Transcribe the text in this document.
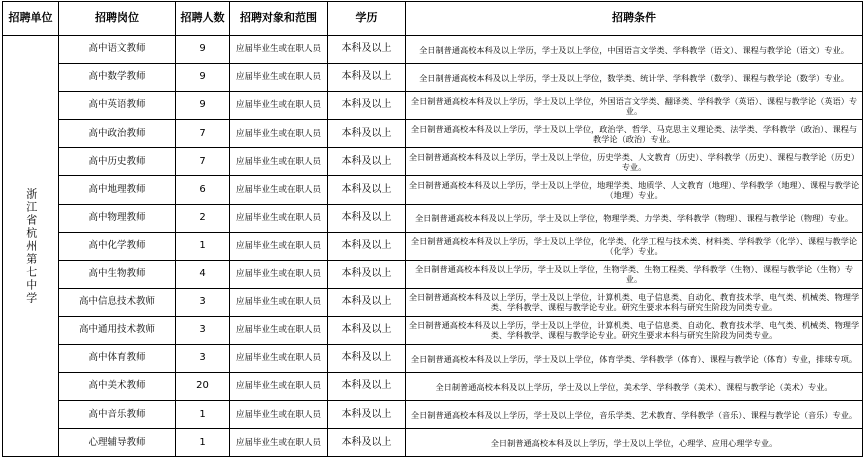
招聘单位	招聘岗位	招聘人数	招聘对象和范围	学历	招聘条件
浙江省杭州第七中学	高中语文教师	9	应届毕业生或在职人员	本科及以上	全日制普通高校本科及以上学历，学士及以上学位，中国语言文学类、学科教学（语文）、课程与教学论（语文）专业。
	高中数学教师	9	应届毕业生或在职人员	本科及以上	全日制普通高校本科及以上学历，学士及以上学位，数学类、统计学、学科教学（数学）、课程与教学论（数学）专业。
	高中英语教师	9	应届毕业生或在职人员	本科及以上	全日制普通高校本科及以上学历，学士及以上学位，外国语言文学类、翻译类、学科教学（英语）、课程与教学论（英语）专业。
	高中政治教师	7	应届毕业生或在职人员	本科及以上	全日制普通高校本科及以上学历，学士及以上学位，政治学、哲学、马克思主义理论类、法学类、学科教学（政治）、课程与教学论（政治）专业。
	高中历史教师	7	应届毕业生或在职人员	本科及以上	全日制普通高校本科及以上学历，学士及以上学位，历史学类、人文教育（历史）、学科教学（历史）、课程与教学论（历史）专业。
	高中地理教师	6	应届毕业生或在职人员	本科及以上	全日制普通高校本科及以上学历，学士及以上学位，地理学类、地质学、人文教育（地理）、学科教学（地理）、课程与教学论（地理）专业。
	高中物理教师	2	应届毕业生或在职人员	本科及以上	全日制普通高校本科及以上学历，学士及以上学位，物理学类、力学类、学科教学（物理）、课程与教学论（物理）专业。
	高中化学教师	1	应届毕业生或在职人员	本科及以上	全日制普通高校本科及以上学历，学士及以上学位，化学类、化学工程与技术类、材料类、学科教学（化学）、课程与教学论（化学）专业。
	高中生物教师	4	应届毕业生或在职人员	本科及以上	全日制普通高校本科及以上学历，学士及以上学位，生物学类、生物工程类、学科教学（生物）、课程与教学论（生物）专业。
	高中信息技术教师	3	应届毕业生或在职人员	本科及以上	全日制普通高校本科及以上学历，学士及以上学位，计算机类、电子信息类、自动化、教育技术学、电气类、机械类、物理学类、学科教学、课程与教学论专业。研究生要求本科与研究生阶段为同类专业。
	高中通用技术教师	3	应届毕业生或在职人员	本科及以上	全日制普通高校本科及以上学历，学士及以上学位，计算机类、电子信息类、自动化、教育技术学、电气类、机械类、物理学类、学科教学、课程与教学论专业。研究生要求本科与研究生阶段为同类专业。
	高中体育教师	3	应届毕业生或在职人员	本科及以上	全日制普通高校本科及以上学历，学士及以上学位，体育学类、学科教学（体育）、课程与教学论（体育）专业，排球专项。
	高中美术教师	20	应届毕业生或在职人员	本科及以上	全日制普通高校本科及以上学历，学士及以上学位，美术学、学科教学（美术）、课程与教学论（美术）专业。
	高中音乐教师	1	应届毕业生或在职人员	本科及以上	全日制普通高校本科及以上学历，学士及以上学位，音乐学类、艺术教育、学科教学（音乐）、课程与教学论（音乐）专业。
	心理辅导教师	1	应届毕业生或在职人员	本科及以上	全日制普通高校本科及以上学历，学士及以上学位，心理学、应用心理学专业。
